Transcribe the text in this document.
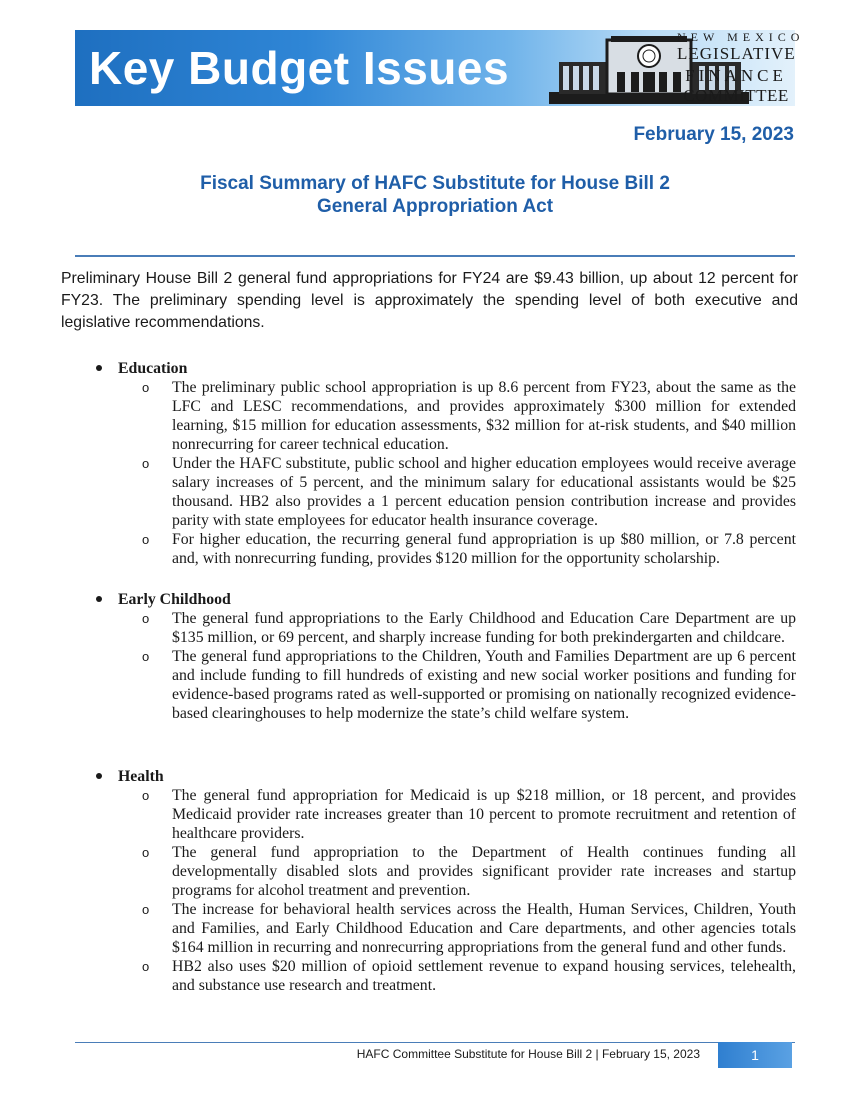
Key Budget Issues
NEW MEXICO
LEGISLATIVE
FINANCE
COMMITTEE
February 15, 2023
Fiscal Summary of HAFC Substitute for House Bill 2
General Appropriation Act

Preliminary House Bill 2 general fund appropriations for FY24 are $9.43 billion, up about 12 percent for FY23. The preliminary spending level is approximately the spending level of both executive and legislative recommendations.

Education
o The preliminary public school appropriation is up 8.6 percent from FY23, about the same as the LFC and LESC recommendations, and provides approximately $300 million for extended learning, $15 million for education assessments, $32 million for at-risk students, and $40 million nonrecurring for career technical education.

o Under the HAFC substitute, public school and higher education employees would receive average salary increases of 5 percent, and the minimum salary for educational assistants would be $25 thousand. HB2 also provides a 1 percent education pension contribution increase and provides parity with state employees for educator health insurance coverage.

o For higher education, the recurring general fund appropriation is up $80 million, or 7.8 percent and, with nonrecurring funding, provides $120 million for the opportunity scholarship.

Early Childhood
o The general fund appropriations to the Early Childhood and Education Care Department are up $135 million, or 69 percent, and sharply increase funding for both prekindergarten and childcare.

o The general fund appropriations to the Children, Youth and Families Department are up 6 percent and include funding to fill hundreds of existing and new social worker positions and funding for evidence-based programs rated as well-supported or promising on nationally recognized evidence-based clearinghouses to help modernize the state’s child welfare system.

Health
o The general fund appropriation for Medicaid is up $218 million, or 18 percent, and provides Medicaid provider rate increases greater than 10 percent to promote recruitment and retention of healthcare providers.

o The general fund appropriation to the Department of Health continues funding all developmentally disabled slots and provides significant provider rate increases and startup programs for alcohol treatment and prevention.

o The increase for behavioral health services across the Health, Human Services, Children, Youth and Families, and Early Childhood Education and Care departments, and other agencies totals $164 million in recurring and nonrecurring appropriations from the general fund and other funds.

o HB2 also uses $20 million of opioid settlement revenue to expand housing services, telehealth, and substance use research and treatment.

HAFC Committee Substitute for House Bill 2 | February 15, 2023	1
